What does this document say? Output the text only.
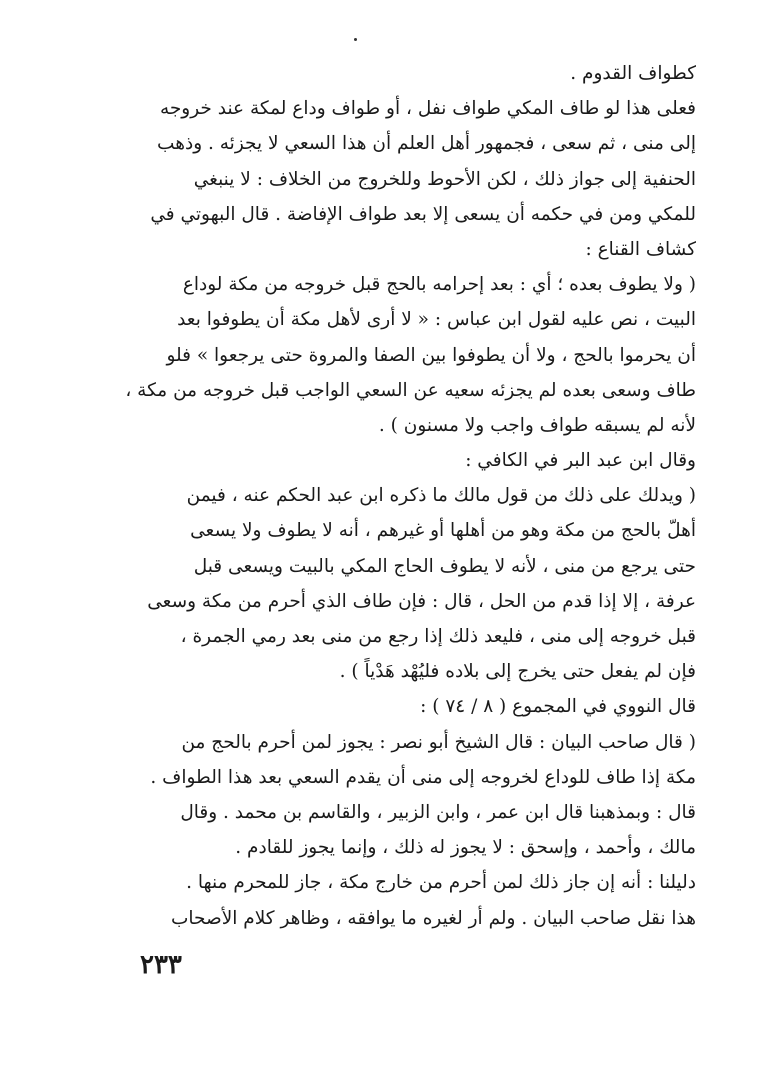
كطواف القدوم .
فعلى هذا لو طاف المكي طواف نفل ، أو طواف وداع لمكة عند خروجه
إلى منى ، ثم سعى ، فجمهور أهل العلم أن هذا السعي لا يجزئه . وذهب
الحنفية إلى جواز ذلك ، لكن الأحوط وللخروج من الخلاف : لا ينبغي
للمكي ومن في حكمه أن يسعى إلا بعد طواف الإفاضة . قال البهوتي في
كشاف القناع :
( ولا يطوف بعده ؛ أي : بعد إحرامه بالحج قبل خروجه من مكة لوداع
البيت ، نص عليه لقول ابن عباس : « لا أرى لأهل مكة أن يطوفوا بعد
أن يحرموا بالحج ، ولا أن يطوفوا بين الصفا والمروة حتى يرجعوا » فلو
طاف وسعى بعده لم يجزئه سعيه عن السعي الواجب قبل خروجه من مكة ،
لأنه لم يسبقه طواف واجب ولا مسنون ) .
وقال ابن عبد البر في الكافي :
( ويدلك على ذلك من قول مالك ما ذكره ابن عبد الحكم عنه ، فيمن
أهلّ بالحج من مكة وهو من أهلها أو غيرهم ، أنه لا يطوف ولا يسعى
حتى يرجع من منى ، لأنه لا يطوف الحاج المكي بالبيت ويسعى قبل
عرفة ، إلا إذا قدم من الحل ، قال : فإن طاف الذي أحرم من مكة وسعى
قبل خروجه إلى منى ، فليعد ذلك إذا رجع من منى بعد رمي الجمرة ،
فإن لم يفعل حتى يخرج إلى بلاده فليُهْد هَدْياً ) .
قال النووي في المجموع ( ٨ / ٧٤ ) :
( قال صاحب البيان : قال الشيخ أبو نصر : يجوز لمن أحرم بالحج من
مكة إذا طاف للوداع لخروجه إلى منى أن يقدم السعي بعد هذا الطواف .
قال : وبمذهبنا قال ابن عمر ، وابن الزبير ، والقاسم بن محمد . وقال
مالك ، وأحمد ، وإسحق : لا يجوز له ذلك ، وإنما يجوز للقادم .
دليلنا : أنه إن جاز ذلك لمن أحرم من خارج مكة ، جاز للمحرم منها .
هذا نقل صاحب البيان . ولم أر لغيره ما يوافقه ، وظاهر كلام الأصحاب
٢٣٣
